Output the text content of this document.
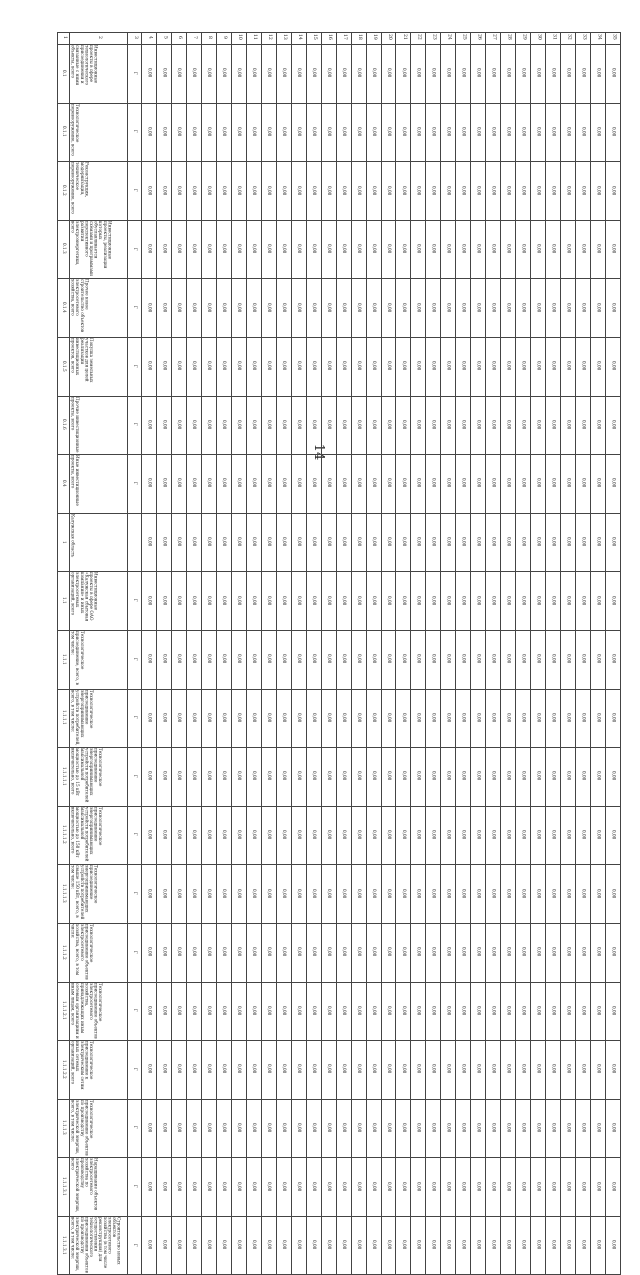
14
1	2	3	4	5	6	7	8	9	10	11	12	13	14	15	16	17	18	19	20	21	22	23	24	25	26	27	28	29	30	31	32	33	34	35
0.1	Инвестиционные проекты в сфере технологического присоединения и связанные с ними объекты, всего	Г	0,00	0,00	0,00	0,00	0,00	0,00	0,00	0,00	0,00	0,00	0,00	0,00	0,00	0,00	0,00	0,00	0,00	0,00	0,00	0,00	0,00	0,00	0,00	0,00	0,00	0,00	0,00	0,00	0,00	0,00	0,00	0,00
0.1.1	Технологическое перевооружение, всего	Г	0,00	0,00	0,00	0,00	0,00	0,00	0,00	0,00	0,00	0,00	0,00	0,00	0,00	0,00	0,00	0,00	0,00	0,00	0,00	0,00	0,00	0,00	0,00	0,00	0,00	0,00	0,00	0,00	0,00	0,00	0,00	0,00
0.1.2	Реконструкция, модернизация, техническое перевооружение, всего	Г	0,00	0,00	0,00	0,00	0,00	0,00	0,00	0,00	0,00	0,00	0,00	0,00	0,00	0,00	0,00	0,00	0,00	0,00	0,00	0,00	0,00	0,00	0,00	0,00	0,00	0,00	0,00	0,00	0,00	0,00	0,00	0,00
0.1.3	Инвестиционные проекты, реализация которых обуславливается схемами и программами перспективного развития электроэнергетики, всего	Г	0,00	0,00	0,00	0,00	0,00	0,00	0,00	0,00	0,00	0,00	0,00	0,00	0,00	0,00	0,00	0,00	0,00	0,00	0,00	0,00	0,00	0,00	0,00	0,00	0,00	0,00	0,00	0,00	0,00	0,00	0,00	0,00
0.1.4	Прочее новое строительство объектов электросетевого хозяйства, всего	Г	0,00	0,00	0,00	0,00	0,00	0,00	0,00	0,00	0,00	0,00	0,00	0,00	0,00	0,00	0,00	0,00	0,00	0,00	0,00	0,00	0,00	0,00	0,00	0,00	0,00	0,00	0,00	0,00	0,00	0,00	0,00	0,00
0.1.5	Покупка земельных участков для целей реализации инвестиционных проектов, всего	Г	0,00	0,00	0,00	0,00	0,00	0,00	0,00	0,00	0,00	0,00	0,00	0,00	0,00	0,00	0,00	0,00	0,00	0,00	0,00	0,00	0,00	0,00	0,00	0,00	0,00	0,00	0,00	0,00	0,00	0,00	0,00	0,00
0.1.6	Прочие инвестиционные проекты, всего	Г	0,00	0,00	0,00	0,00	0,00	0,00	0,00	0,00	0,00	0,00	0,00	0,00	0,00	0,00	0,00	0,00	0,00	0,00	0,00	0,00	0,00	0,00	0,00	0,00	0,00	0,00	0,00	0,00	0,00	0,00	0,00	0,00
0.4	Иные инвестиционные проекты, всего	Г	0,00	0,00	0,00	0,00	0,00	0,00	0,00	0,00	0,00	0,00	0,00	0,00	0,00	0,00	0,00	0,00	0,00	0,00	0,00	0,00	0,00	0,00	0,00	0,00	0,00	0,00	0,00	0,00	0,00	0,00	0,00	0,00
1	Калужская область		0,00	0,00	0,00	0,00	0,00	0,00	0,00	0,00	0,00	0,00	0,00	0,00	0,00	0,00	0,00	0,00	0,00	0,00	0,00	0,00	0,00	0,00	0,00	0,00	0,00	0,00	0,00	0,00	0,00	0,00	0,00	0,00
1.1	Инвестиционные проекты в сфере ОАО «Калужская сбытовая компания» и иных электросетевых организаций, всего	Г	0,00	0,00	0,00	0,00	0,00	0,00	0,00	0,00	0,00	0,00	0,00	0,00	0,00	0,00	0,00	0,00	0,00	0,00	0,00	0,00	0,00	0,00	0,00	0,00	0,00	0,00	0,00	0,00	0,00	0,00	0,00	0,00
1.1.1	Технологическое присоединение, всего, в том числе:	Г	0,00	0,00	0,00	0,00	0,00	0,00	0,00	0,00	0,00	0,00	0,00	0,00	0,00	0,00	0,00	0,00	0,00	0,00	0,00	0,00	0,00	0,00	0,00	0,00	0,00	0,00	0,00	0,00	0,00	0,00	0,00	0,00
1.1.1.1	Технологическое присоединение энергопринимающих устройств потребителей, всего, в том числе:	Г	0,00	0,00	0,00	0,00	0,00	0,00	0,00	0,00	0,00	0,00	0,00	0,00	0,00	0,00	0,00	0,00	0,00	0,00	0,00	0,00	0,00	0,00	0,00	0,00	0,00	0,00	0,00	0,00	0,00	0,00	0,00	0,00
1.1.1.1.1	Технологическое присоединение энергопринимающих устройств потребителей максимальной мощностью до 15 кВт включительно, всего	Г	0,00	0,00	0,00	0,00	0,00	0,00	0,00	0,00	0,00	0,00	0,00	0,00	0,00	0,00	0,00	0,00	0,00	0,00	0,00	0,00	0,00	0,00	0,00	0,00	0,00	0,00	0,00	0,00	0,00	0,00	0,00	0,00
1.1.1.1.2	Технологическое присоединение энергопринимающих устройств потребителей максимальной мощностью до 150 кВт включительно, всего	Г	0,00	0,00	0,00	0,00	0,00	0,00	0,00	0,00	0,00	0,00	0,00	0,00	0,00	0,00	0,00	0,00	0,00	0,00	0,00	0,00	0,00	0,00	0,00	0,00	0,00	0,00	0,00	0,00	0,00	0,00	0,00	0,00
1.1.1.1.3	Технологическое присоединение энергопринимающих устройств потребителей свыше 150 кВт, всего, в том числе:	Г	0,00	0,00	0,00	0,00	0,00	0,00	0,00	0,00	0,00	0,00	0,00	0,00	0,00	0,00	0,00	0,00	0,00	0,00	0,00	0,00	0,00	0,00	0,00	0,00	0,00	0,00	0,00	0,00	0,00	0,00	0,00	0,00
1.1.1.2	Технологическое присоединение объектов электросетевого хозяйства, всего, в том числе:	Г	0,00	0,00	0,00	0,00	0,00	0,00	0,00	0,00	0,00	0,00	0,00	0,00	0,00	0,00	0,00	0,00	0,00	0,00	0,00	0,00	0,00	0,00	0,00	0,00	0,00	0,00	0,00	0,00	0,00	0,00	0,00	0,00
1.1.1.2.1	Технологическое присоединение объектов электросетевого хозяйства, принадлежащих иным сетевым организациям и иным лицам, всего	Г	0,00	0,00	0,00	0,00	0,00	0,00	0,00	0,00	0,00	0,00	0,00	0,00	0,00	0,00	0,00	0,00	0,00	0,00	0,00	0,00	0,00	0,00	0,00	0,00	0,00	0,00	0,00	0,00	0,00	0,00	0,00	0,00
1.1.1.2.2	Технологическое присоединение к электрическим сетям иных сетевых организаций, всего	Г	0,00	0,00	0,00	0,00	0,00	0,00	0,00	0,00	0,00	0,00	0,00	0,00	0,00	0,00	0,00	0,00	0,00	0,00	0,00	0,00	0,00	0,00	0,00	0,00	0,00	0,00	0,00	0,00	0,00	0,00	0,00	0,00
1.1.1.3	Технологическое присоединение объектов по производству электрической энергии, всего, в том числе:	Г	0,00	0,00	0,00	0,00	0,00	0,00	0,00	0,00	0,00	0,00	0,00	0,00	0,00	0,00	0,00	0,00	0,00	0,00	0,00	0,00	0,00	0,00	0,00	0,00	0,00	0,00	0,00	0,00	0,00	0,00	0,00	0,00
1.1.1.3.1	Наращивание объектов электросетевого хозяйства по производству электрической энергии, всего	Г	0,00	0,00	0,00	0,00	0,00	0,00	0,00	0,00	0,00	0,00	0,00	0,00	0,00	0,00	0,00	0,00	0,00	0,00	0,00	0,00	0,00	0,00	0,00	0,00	0,00	0,00	0,00	0,00	0,00	0,00	0,00	0,00
1.1.1.3.1	Строительство новых объектов электросетевого хозяйства (в том числе реконструкция) для осуществления технологического присоединения объектов по производству электрической энергии, всего, в том числе:	Г	0,00	0,00	0,00	0,00	0,00	0,00	0,00	0,00	0,00	0,00	0,00	0,00	0,00	0,00	0,00	0,00	0,00	0,00	0,00	0,00	0,00	0,00	0,00	0,00	0,00	0,00	0,00	0,00	0,00	0,00	0,00	0,00
